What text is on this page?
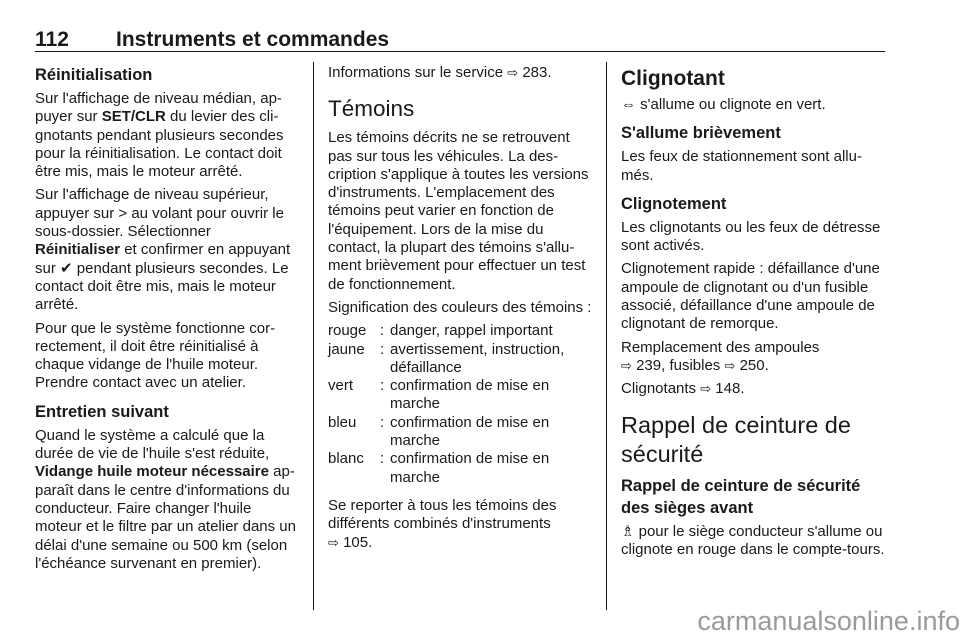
112 Instruments et commandes
Réinitialisation

Sur l'affichage de niveau médian, appuyer sur SET/CLR du levier des clignotants pendant plusieurs secondes pour la réinitialisation. Le contact doit être mis, mais le moteur arrêté.

Sur l'affichage de niveau supérieur, appuyer sur > au volant pour ouvrir le sous-dossier. Sélectionner Réinitialiser et confirmer en appuyant sur ✔ pendant plusieurs secondes. Le contact doit être mis, mais le moteur arrêté.

Pour que le système fonctionne correctement, il doit être réinitialisé à chaque vidange de l'huile moteur. Prendre contact avec un atelier.

Entretien suivant

Quand le système a calculé que la durée de vie de l'huile s'est réduite, Vidange huile moteur nécessaire apparaît dans le centre d'informations du conducteur. Faire changer l'huile moteur et le filtre par un atelier dans un délai d'une semaine ou 500 km (selon l'échéance survenant en premier).

Informations sur le service ⇨ 283.

Témoins

Les témoins décrits ne se retrouvent pas sur tous les véhicules. La description s'applique à toutes les versions d'instruments. L'emplacement des témoins peut varier en fonction de l'équipement. Lors de la mise du contact, la plupart des témoins s'allument brièvement pour effectuer un test de fonctionnement.

Signification des couleurs des témoins :

rouge	:	danger, rappel important
jaune	:	avertissement, instruction, défaillance
vert	:	confirmation de mise en marche
bleu	:	confirmation de mise en marche
blanc	:	confirmation de mise en marche

Se reporter à tous les témoins des différents combinés d'instruments
⇨ 105.

Clignotant

⇔ s'allume ou clignote en vert.

S'allume brièvement

Les feux de stationnement sont allumés.

Clignotement

Les clignotants ou les feux de détresse sont activés.

Clignotement rapide : défaillance d'une ampoule de clignotant ou d'un fusible associé, défaillance d'une ampoule de clignotant de remorque.

Remplacement des ampoules
⇨ 239, fusibles ⇨ 250.

Clignotants ⇨ 148.

Rappel de ceinture de sécurité
Rappel de ceinture de sécurité des sièges avant

♗ pour le siège conducteur s'allume ou clignote en rouge dans le compte-tours.

carmanualsonline.info
